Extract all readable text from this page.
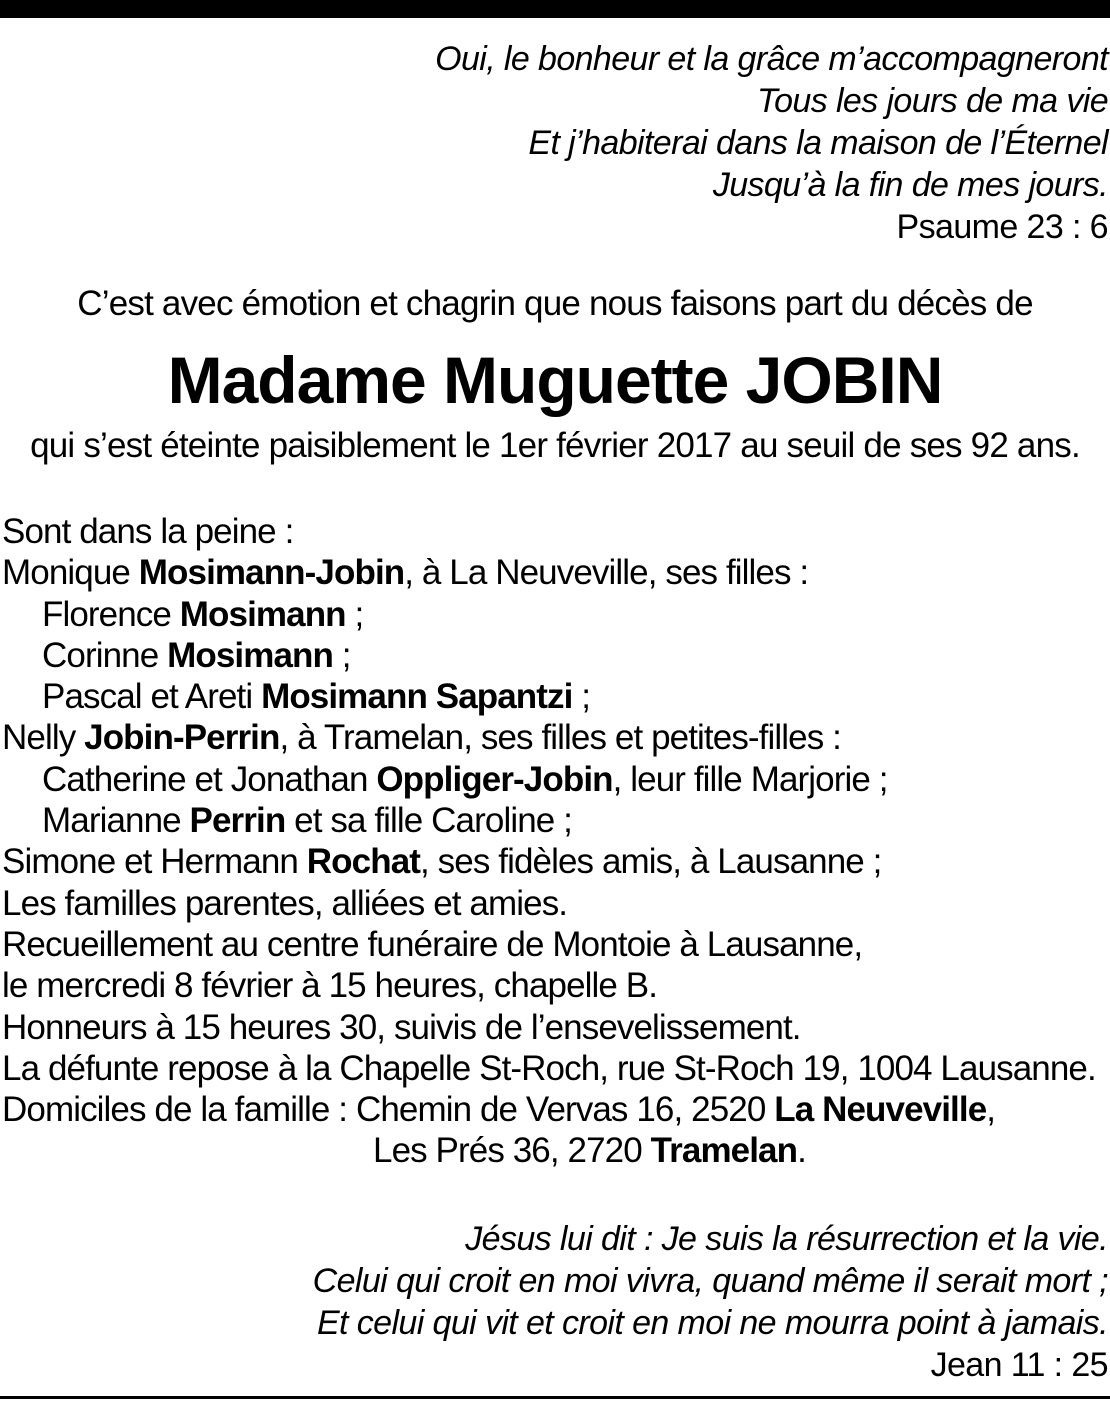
Oui, le bonheur et la grâce m’accompagneront
Tous les jours de ma vie
Et j’habiterai dans la maison de l’Éternel
Jusqu’à la fin de mes jours.
Psaume 23 : 6
C’est avec émotion et chagrin que nous faisons part du décès de
Madame Muguette JOBIN
qui s’est éteinte paisiblement le 1er février 2017 au seuil de ses 92 ans.
Sont dans la peine :
Monique Mosimann-Jobin, à La Neuveville, ses filles :
Florence Mosimann ;
Corinne Mosimann ;
Pascal et Areti Mosimann Sapantzi ;
Nelly Jobin-Perrin, à Tramelan, ses filles et petites-filles :
Catherine et Jonathan Oppliger-Jobin, leur fille Marjorie ;
Marianne Perrin et sa fille Caroline ;
Simone et Hermann Rochat, ses fidèles amis, à Lausanne ;
Les familles parentes, alliées et amies.
Recueillement au centre funéraire de Montoie à Lausanne,
le mercredi 8 février à 15 heures, chapelle B.
Honneurs à 15 heures 30, suivis de l’ensevelissement.
La défunte repose à la Chapelle St-Roch, rue St-Roch 19, 1004 Lausanne.
Domiciles de la famille : Chemin de Vervas 16, 2520 La Neuveville,
Les Prés 36, 2720 Tramelan.
Jésus lui dit : Je suis la résurrection et la vie.
Celui qui croit en moi vivra, quand même il serait mort ;
Et celui qui vit et croit en moi ne mourra point à jamais.
Jean 11 : 25
